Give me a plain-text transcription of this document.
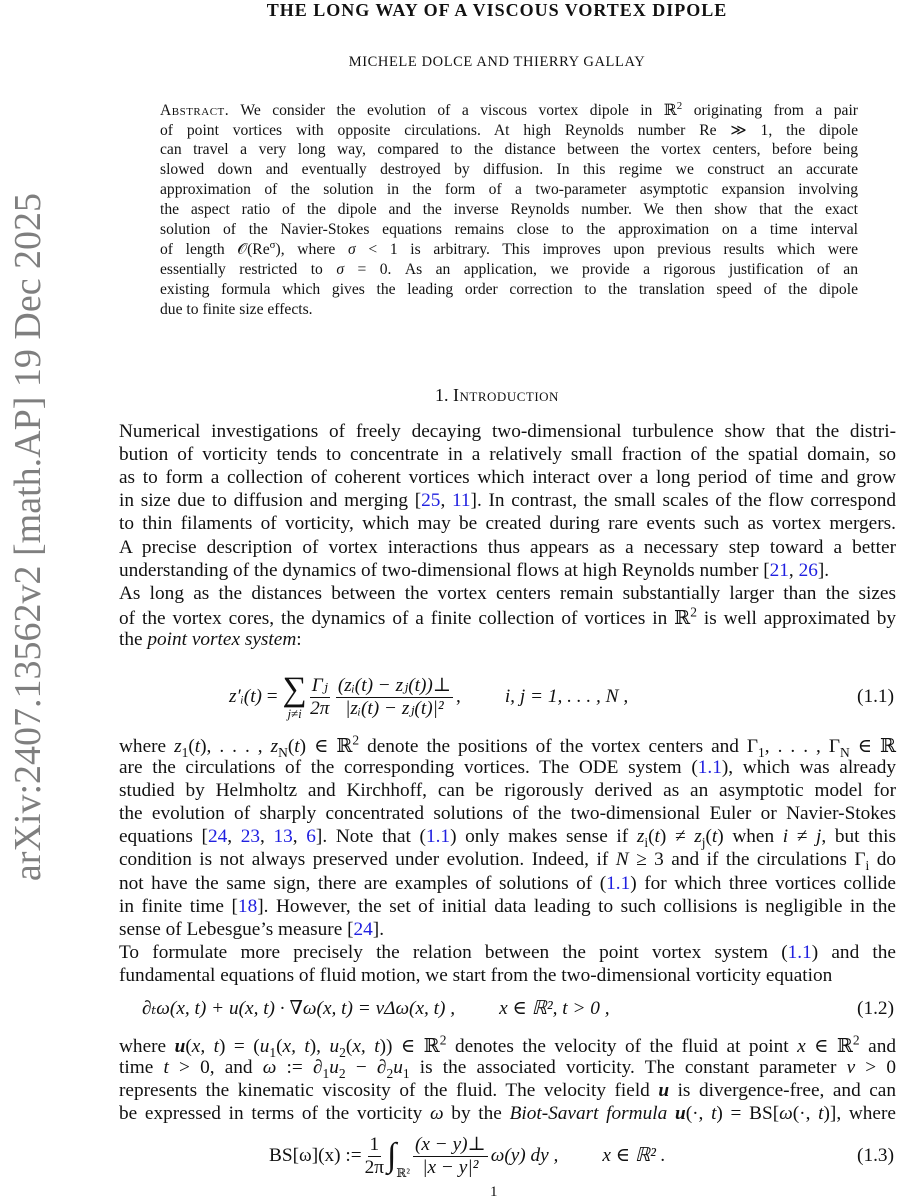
arXiv:2407.13562v2 [math.AP] 19 Dec 2025
THE LONG WAY OF A VISCOUS VORTEX DIPOLE
MICHELE DOLCE AND THIERRY GALLAY
Abstract. We consider the evolution of a viscous vortex dipole in ℝ$^2$ originating from a pair
of point vortices with opposite circulations. At high Reynolds number Re ≫ 1, the dipole
can travel a very long way, compared to the distance between the vortex centers, before being
slowed down and eventually destroyed by diffusion. In this regime we construct an accurate
approximation of the solution in the form of a two-parameter asymptotic expansion involving
the aspect ratio of the dipole and the inverse Reynolds number. We then show that the exact
solution of the Navier-Stokes equations remains close to the approximation on a time interval
of length $𝒪(Re^\sigma)$, where σ < 1 is arbitrary. This improves upon previous results which were
essentially restricted to σ = 0. As an application, we provide a rigorous justification of an
existing formula which gives the leading order correction to the translation speed of the dipole
due to finite size effects.
1. Introduction
Numerical investigations of freely decaying two-dimensional turbulence show that the distri-
bution of vorticity tends to concentrate in a relatively small fraction of the spatial domain, so
as to form a collection of coherent vortices which interact over a long period of time and grow
in size due to diffusion and merging [25, 11]. In contrast, the small scales of the flow correspond
to thin filaments of vorticity, which may be created during rare events such as vortex mergers.
A precise description of vortex interactions thus appears as a necessary step toward a better
understanding of the dynamics of two-dimensional flows at high Reynolds number [21, 26].
As long as the distances between the vortex centers remain substantially larger than the sizes
of the vortex cores, the dynamics of a finite collection of vortices in ℝ$^2$ is well approximated by
the point vortex system:
where $z_1(t)$, . . . , $z_N(t)$ ∈ ℝ$^2$ denote the positions of the vortex centers and $\Gamma_1$, . . . , $\Gamma_N$ ∈ ℝ
are the circulations of the corresponding vortices. The ODE system (1.1), which was already
studied by Helmholtz and Kirchhoff, can be rigorously derived as an asymptotic model for
the evolution of sharply concentrated solutions of the two-dimensional Euler or Navier-Stokes
equations [24, 23, 13, 6]. Note that (1.1) only makes sense if $z_i(t) \ne z_j(t)$ when i ≠ j, but this
condition is not always preserved under evolution. Indeed, if N ≥ 3 and if the circulations $\Gamma_i$ do
not have the same sign, there are examples of solutions of (1.1) for which three vortices collide
in finite time [18]. However, the set of initial data leading to such collisions is negligible in the
sense of Lebesgue’s measure [24].
To formulate more precisely the relation between the point vortex system (1.1) and the
fundamental equations of fluid motion, we start from the two-dimensional vorticity equation
where u(x, $t) = (u_1(x$, t), $u_2(x$, t)) ∈ ℝ$^2$ denotes the velocity of the fluid at point x ∈ ℝ$^2$ and
time t > 0, and ω := $\partial_1u_2 - \partial_2u_1$ is the associated vorticity. The constant parameter ν > 0
represents the kinematic viscosity of the fluid. The velocity field u is divergence-free, and can
be expressed in terms of the vorticity ω by the Biot-Savart formula u(·, t) = BS[ω(·, t)], where
z′ᵢ(t) = ∑
$j\ne i \frac{\text{Γⱼ}}{2\pi} \frac{\text{(zᵢ(t) − zⱼ(t))⊥}}{\text{|zᵢ(t) − zⱼ(t)|²}}$ , i, j = 1, . . . , N ,	(1.1)
∂ₜω(x, t) + u(x, t) · ∇ω(x, t) = νΔω(x, t) , x ∈ ℝ², t > 0 ,	(1.2)
BS[ω](x) := $\frac{1}{2\pi}$ ∫ ℝ² $\frac{(x - y)\perp}{\text{|x − y|²}} \omega(y)$ dy , x ∈ ℝ² .	(1.3)
1
